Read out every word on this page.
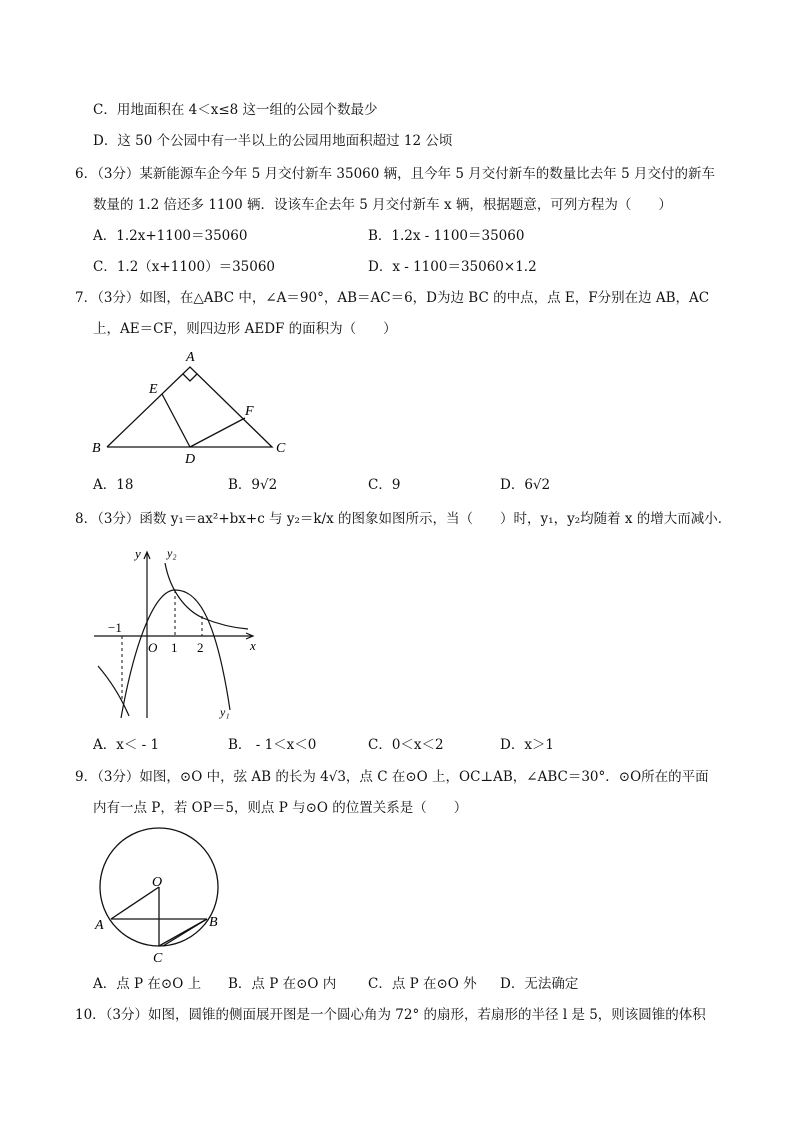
C．用地面积在 4＜x≤8 这一组的公园个数最少
D．这 50 个公园中有一半以上的公园用地面积超过 12 公顷
6．（3分）某新能源车企今年 5 月交付新车 35060 辆，且今年 5 月交付新车的数量比去年 5 月交付的新车
数量的 1.2 倍还多 1100 辆．设该车企去年 5 月交付新车 x 辆，根据题意，可列方程为（　　）
A．1.2x+1100＝35060	B．1.2x - 1100＝35060
C．1.2（x+1100）＝35060	D．x - 1100＝35060×1.2
7．（3分）如图，在△ABC 中，∠A＝90°，AB＝AC＝6，D为边 BC 的中点，点 E，F分别在边 AB，AC
上，AE＝CF，则四边形 AEDF 的面积为（　　）
A
B	C
D
E
F
A．18	B．9√2	C．9	D．6√2
8．（3分）函数 y₁＝ax²+bx+c 与 y₂＝k/x 的图象如图所示，当（　　）时，y₁，y₂均随着 x 的增大而减小．
y y₂
y₁
x
O
−1
1 2
A．x＜ - 1	B． - 1＜x＜0	C．0＜x＜2	D．x＞1
9．（3分）如图，⊙O 中，弦 AB 的长为 4√3，点 C 在⊙O 上，OC⊥AB，∠ABC＝30°．⊙O所在的平面
内有一点 P，若 OP＝5，则点 P 与⊙O 的位置关系是（　　）
O
A	B
C
A．点 P 在⊙O 上 B．点 P 在⊙O 内 C．点 P 在⊙O 外 D．无法确定
10．（3分）如图，圆锥的侧面展开图是一个圆心角为 72° 的扇形，若扇形的半径 l 是 5，则该圆锥的体积
